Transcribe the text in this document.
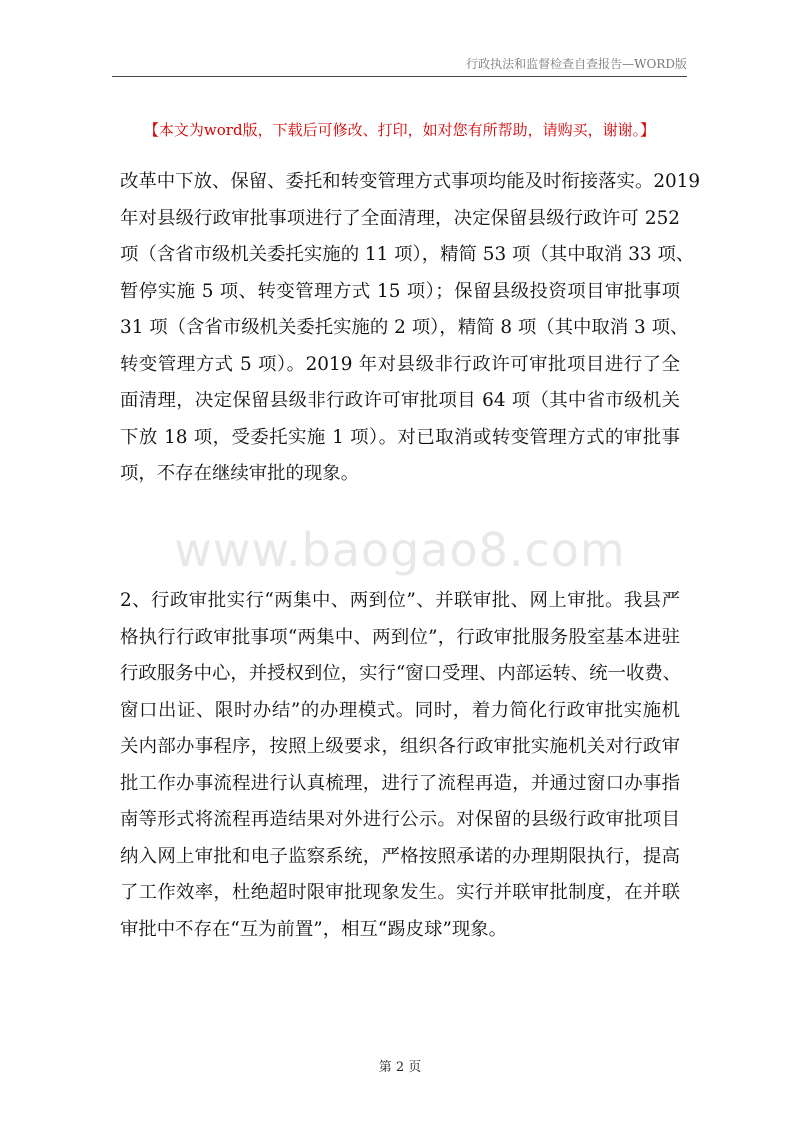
行政执法和监督检查自查报告—WORD版
【本文为word版，下载后可修改、打印，如对您有所帮助，请购买，谢谢。】
www.baogao8.com
改革中下放、保留、委托和转变管理方式事项均能及时衔接落实。2019
年对县级行政审批事项进行了全面清理，决定保留县级行政许可 252
项（含省市级机关委托实施的 11 项），精简 53 项（其中取消 33 项、
暂停实施 5 项、转变管理方式 15 项）；保留县级投资项目审批事项
31 项（含省市级机关委托实施的 2 项），精简 8 项（其中取消 3 项、
转变管理方式 5 项）。2019 年对县级非行政许可审批项目进行了全
面清理，决定保留县级非行政许可审批项目 64 项（其中省市级机关
下放 18 项，受委托实施 1 项）。对已取消或转变管理方式的审批事
项，不存在继续审批的现象。
2、行政审批实行“两集中、两到位”、并联审批、网上审批。我县严
格执行行政审批事项“两集中、两到位”，行政审批服务股室基本进驻
行政服务中心，并授权到位，实行“窗口受理、内部运转、统一收费、
窗口出证、限时办结”的办理模式。同时，着力简化行政审批实施机
关内部办事程序，按照上级要求，组织各行政审批实施机关对行政审
批工作办事流程进行认真梳理，进行了流程再造，并通过窗口办事指
南等形式将流程再造结果对外进行公示。对保留的县级行政审批项目
纳入网上审批和电子监察系统，严格按照承诺的办理期限执行，提高
了工作效率，杜绝超时限审批现象发生。实行并联审批制度，在并联
审批中不存在“互为前置”，相互“踢皮球”现象。
第 2 页
